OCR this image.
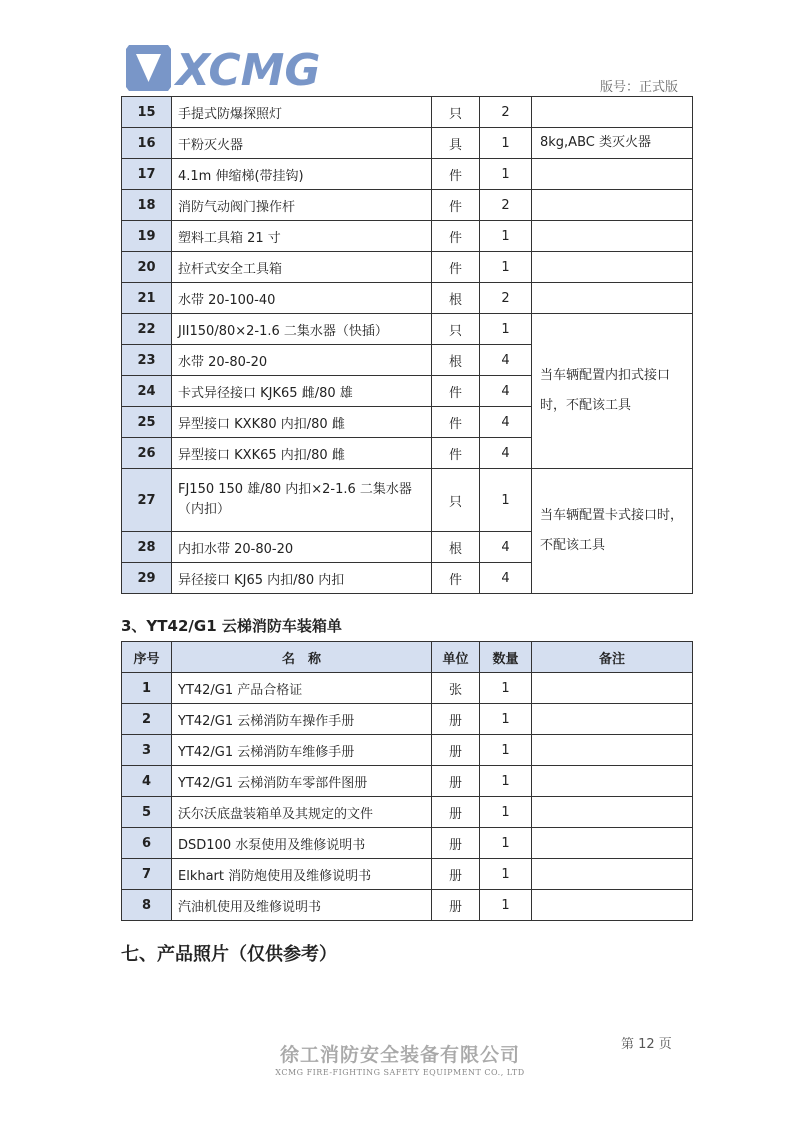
XCMG	版号：正式版
15	手提式防爆探照灯	只	2	
16	干粉灭火器	具	1	8kg,ABC 类灭火器
17	4.1m 伸缩梯(带挂钩)	件	1	
18	消防气动阀门操作杆	件	2	
19	塑料工具箱 21 寸	件	1	
20	拉杆式安全工具箱	件	1	
21	水带 20-100-40	根	2	
22	JII150/80×2-1.6 二集水器（快插）	只	1	当车辆配置内扣式接口时，不配该工具
23	水带 20-80-20	根	4	
24	卡式异径接口 KJK65 雌/80 雄	件	4	
25	异型接口 KXK80 内扣/80 雌	件	4	
26	异型接口 KXK65 内扣/80 雌	件	4	
27	FJ150 150 雄/80 内扣×2-1.6 二集水器（内扣）	只	1	当车辆配置卡式接口时，不配该工具
28	内扣水带 20-80-20	根	4	
29	异径接口 KJ65 内扣/80 内扣	件	4	
3、YT42/G1 云梯消防车装箱单
序号	名　称	单位	数量	备注
1	YT42/G1 产品合格证	张	1	
2	YT42/G1 云梯消防车操作手册	册	1	
3	YT42/G1 云梯消防车维修手册	册	1	
4	YT42/G1 云梯消防车零部件图册	册	1	
5	沃尔沃底盘装箱单及其规定的文件	册	1	
6	DSD100 水泵使用及维修说明书	册	1	
7	Elkhart 消防炮使用及维修说明书	册	1	
8	汽油机使用及维修说明书	册	1	
七、产品照片（仅供参考）
第 12 页
徐工消防安全装备有限公司
XCMG FIRE-FIGHTING SAFETY EQUIPMENT CO., LTD
